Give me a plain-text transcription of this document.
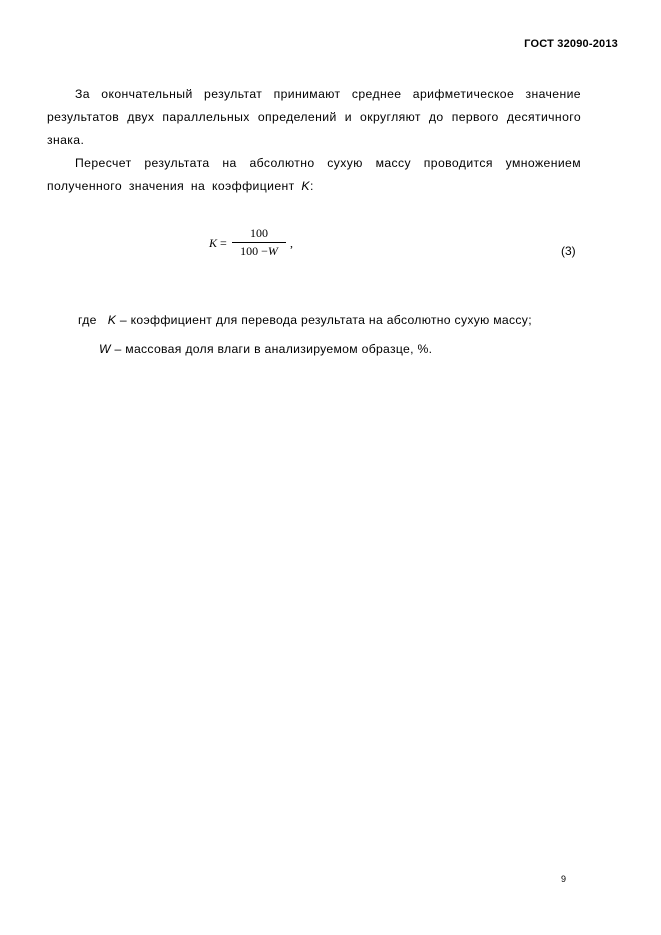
ГОСТ 32090-2013

За окончательный результат принимают среднее арифметическое значение результатов двух параллельных определений и округляют до первого десятичного знака.

Пересчет результата на абсолютно сухую массу проводится умножением полученного значения на коэффициент K:

K =
100
100 −W
,
(3)
где K – коэффициент для перевода результата на абсолютно сухую массу;
W – массовая доля влаги в анализируемом образце, %.
9
